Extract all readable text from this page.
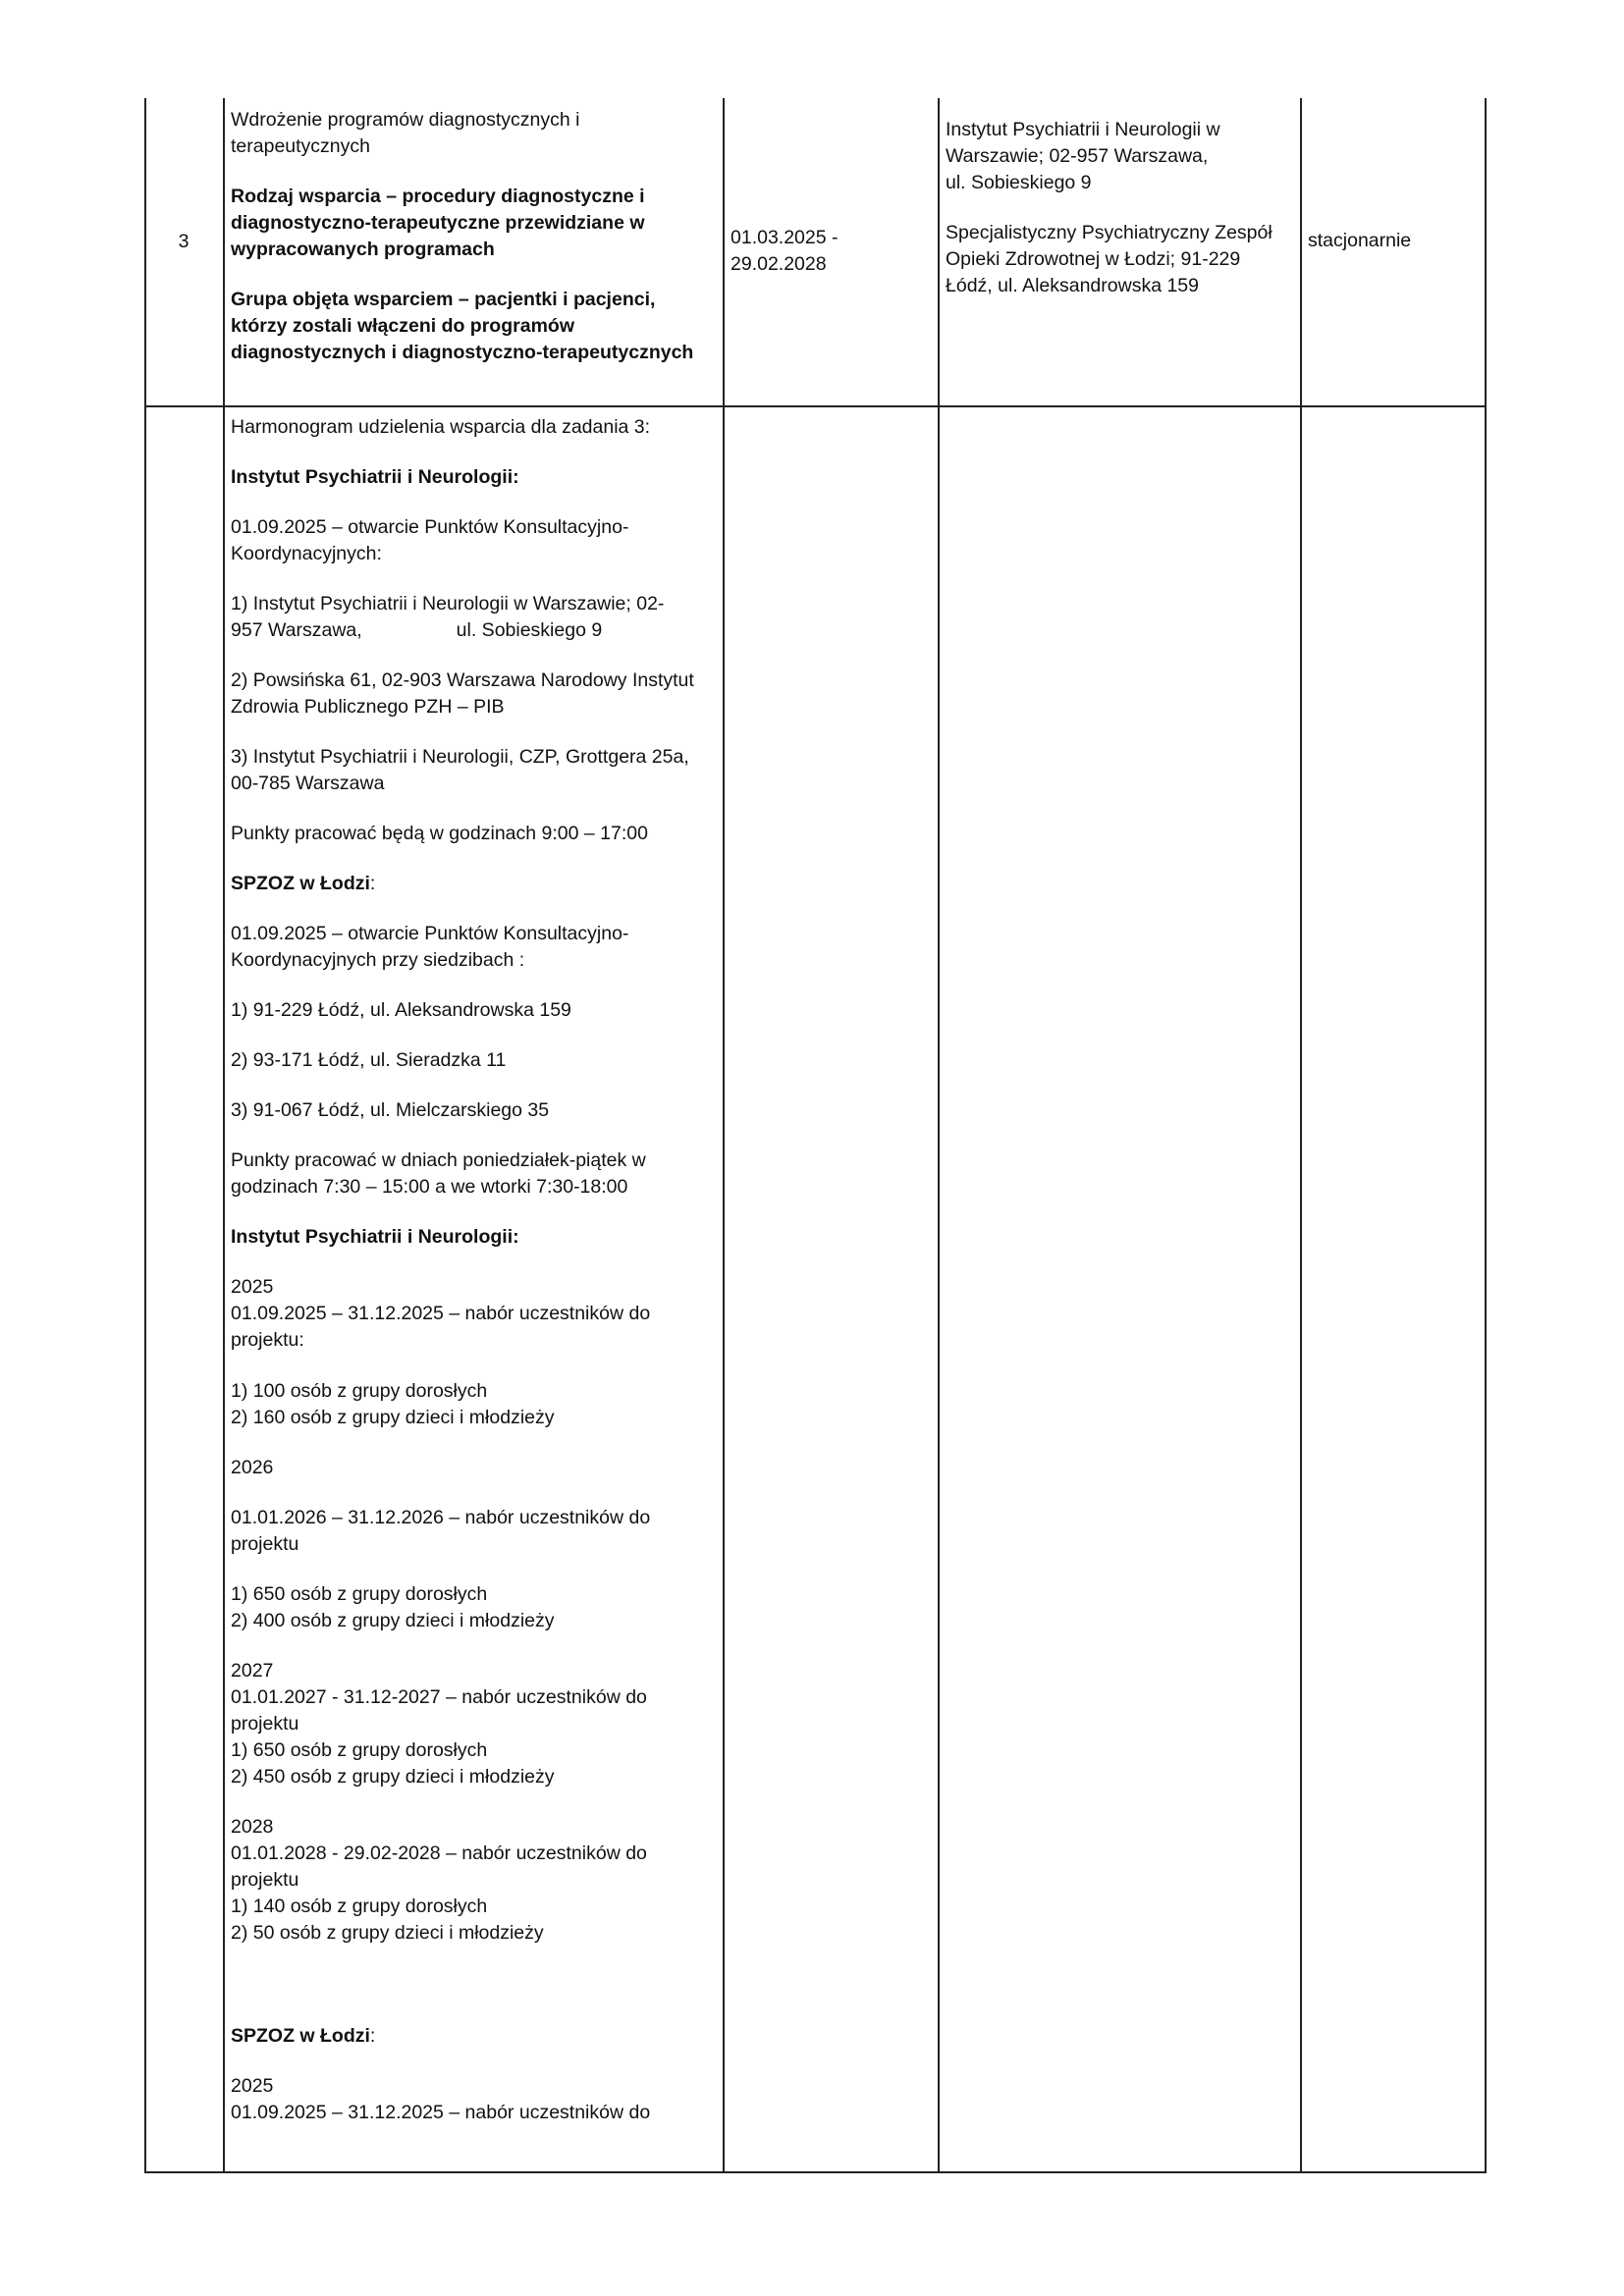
3

Wdrożenie programów diagnostycznych i
terapeutycznych

Rodzaj wsparcia – procedury diagnostyczne i
diagnostyczno-terapeutyczne przewidziane w
wypracowanych programach

Grupa objęta wsparciem – pacjentki i pacjenci,
którzy zostali włączeni do programów
diagnostycznych i diagnostyczno-terapeutycznych

01.03.2025 -
29.02.2028

Instytut Psychiatrii i Neurologii w
Warszawie; 02-957 Warszawa,
ul. Sobieskiego 9

Specjalistyczny Psychiatryczny Zespół
Opieki Zdrowotnej w Łodzi; 91-229
Łódź, ul. Aleksandrowska 159

stacjonarnie

Harmonogram udzielenia wsparcia dla zadania 3:

Instytut Psychiatrii i Neurologii:

01.09.2025 – otwarcie Punktów Konsultacyjno-
Koordynacyjnych:

1) Instytut Psychiatrii i Neurologii w Warszawie; 02-
957 Warszawa,	ul. Sobieskiego 9

2) Powsińska 61, 02-903 Warszawa Narodowy Instytut
Zdrowia Publicznego PZH – PIB

3) Instytut Psychiatrii i Neurologii, CZP, Grottgera 25a,
00-785 Warszawa

Punkty pracować będą w godzinach 9:00 – 17:00

SPZOZ w Łodzi:

01.09.2025 – otwarcie Punktów Konsultacyjno-
Koordynacyjnych przy siedzibach :

1) 91-229 Łódź, ul. Aleksandrowska 159

2) 93-171 Łódź, ul. Sieradzka 11

3) 91-067 Łódź, ul. Mielczarskiego 35

Punkty pracować w dniach poniedziałek-piątek w
godzinach 7:30 – 15:00 a we wtorki 7:30-18:00

Instytut Psychiatrii i Neurologii:

2025
01.09.2025 – 31.12.2025 – nabór uczestników do
projektu:

1) 100 osób z grupy dorosłych
2) 160 osób z grupy dzieci i młodzieży

2026

01.01.2026 – 31.12.2026 – nabór uczestników do
projektu

1) 650 osób z grupy dorosłych
2) 400 osób z grupy dzieci i młodzieży

2027
01.01.2027 - 31.12-2027 – nabór uczestników do
projektu
1) 650 osób z grupy dorosłych
2) 450 osób z grupy dzieci i młodzieży

2028
01.01.2028 - 29.02-2028 – nabór uczestników do
projektu
1) 140 osób z grupy dorosłych
2) 50 osób z grupy dzieci i młodzieży

SPZOZ w Łodzi:

2025
01.09.2025 – 31.12.2025 – nabór uczestników do
